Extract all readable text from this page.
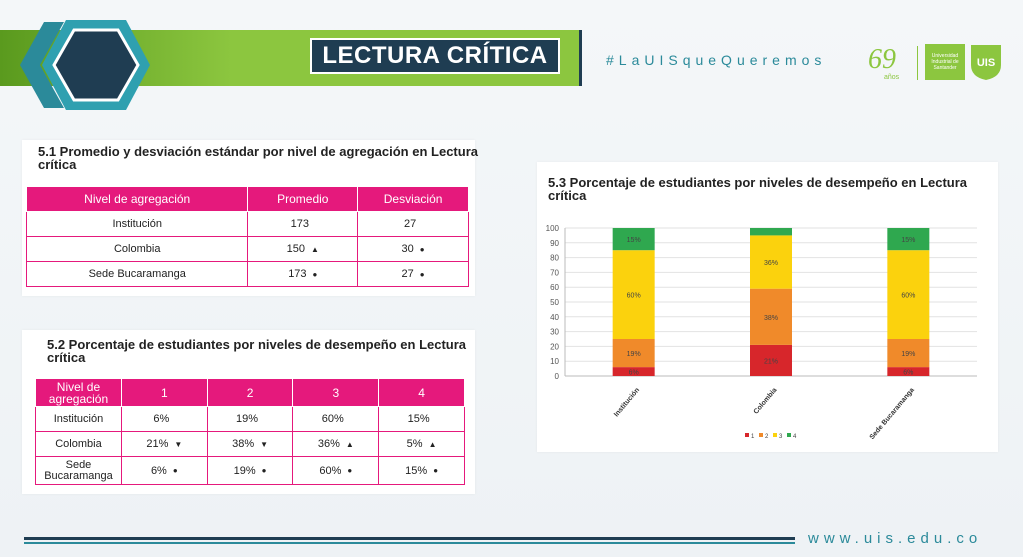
LECTURA CRÍTICA	#LaUISqueQueremos 69
años
Universidad Industrial de Santander	UIS
5.1 Promedio y desviación estándar por nivel de agregación en Lectura
crítica
Nivel de agregación	Promedio	Desviación
Institución	173	27
Colombia	150 ▲	30 ●
Sede Bucaramanga	173 ●	27 ●
5.2 Porcentaje de estudiantes por niveles de desempeño en Lectura
crítica
Nivel de
agregación	1	2	3	4
Institución	6%	19%	60%	15%
Colombia	21% ▼	38% ▼	36% ▲	5% ▲

Sede
Bucaramanga	6% ●	19% ●	60% ●	15% ●
5.3 Porcentaje de estudiantes por niveles de desempeño en Lectura
crítica
0
10
20
30
40
50
60
70
80
90
100
6%
19%
60%
15%
Institución
21%
38%
36%
Colombia
6%
19%
60%
15%
Sede Bucaramanga
1 2 3 4
www.uis.edu.co
